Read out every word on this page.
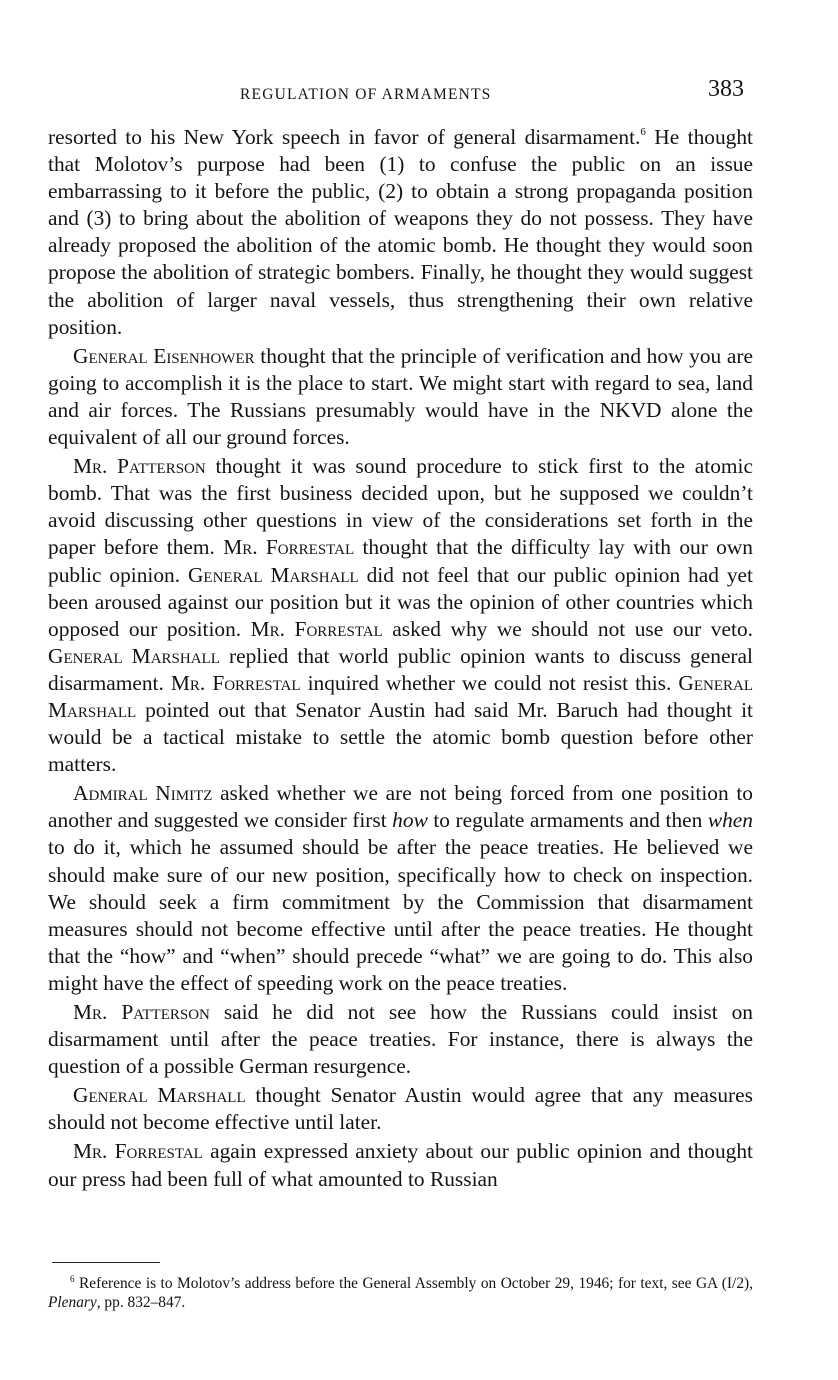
REGULATION OF ARMAMENTS	383

resorted to his New York speech in favor of general disarmament.$^6$ He thought that Molotov’s purpose had been (1) to confuse the public on an issue embarrassing to it before the public, (2) to obtain a strong propaganda position and (3) to bring about the abolition of weapons they do not possess. They have already proposed the abolition of the atomic bomb. He thought they would soon propose the abolition of strategic bombers. Finally, he thought they would suggest the abolition of larger naval vessels, thus strengthening their own relative position.

General Eisenhower thought that the principle of verification and how you are going to accomplish it is the place to start. We might start with regard to sea, land and air forces. The Russians presumably would have in the NKVD alone the equivalent of all our ground forces.

Mr. Patterson thought it was sound procedure to stick first to the atomic bomb. That was the first business decided upon, but he supposed we couldn’t avoid discussing other questions in view of the considerations set forth in the paper before them. Mr. Forrestal thought that the difficulty lay with our own public opinion. General Marshall did not feel that our public opinion had yet been aroused against our position but it was the opinion of other countries which opposed our position. Mr. Forrestal asked why we should not use our veto. General Marshall replied that world public opinion wants to discuss general disarmament. Mr. Forrestal inquired whether we could not resist this. General Marshall pointed out that Senator Austin had said Mr. Baruch had thought it would be a tactical mistake to settle the atomic bomb question before other matters.

Admiral Nimitz asked whether we are not being forced from one position to another and suggested we consider first how to regulate armaments and then when to do it, which he assumed should be after the peace treaties. He believed we should make sure of our new position, specifically how to check on inspection. We should seek a firm commitment by the Commission that disarmament measures should not become effective until after the peace treaties. He thought that the “how” and “when” should precede “what” we are going to do. This also might have the effect of speeding work on the peace treaties.

Mr. Patterson said he did not see how the Russians could insist on disarmament until after the peace treaties. For instance, there is always the question of a possible German resurgence.

General Marshall thought Senator Austin would agree that any measures should not become effective until later.

Mr. Forrestal again expressed anxiety about our public opinion and thought our press had been full of what amounted to Russian

$^6$ Reference is to Molotov’s address before the General Assembly on October 29, 1946; for text, see GA (I/2), Plenary, pp. 832–847.
